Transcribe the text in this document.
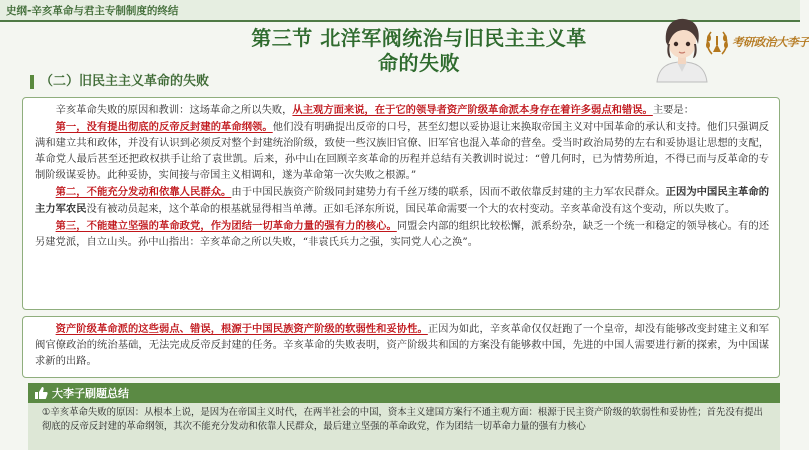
史纲-辛亥革命与君主专制制度的终结
第三节 北洋军阀统治与旧民主主义革
命的失败
考研政治大李子
（二）旧民主主义革命的失败

辛亥革命失败的原因和教训：这场革命之所以失败，从主观方面来说，在于它的领导者资产阶级革命派本身存在着许多弱点和错误。主要是：

第一，没有提出彻底的反帝反封建的革命纲领。他们没有明确提出反帝的口号，甚至幻想以妥协退让来换取帝国主义对中国革命的承认和支持。他们只强调反满和建立共和政体，并没有认识到必须反对整个封建统治阶级，致使一些汉族旧官僚、旧军官也混入革命的营垒。受当时政治局势的左右和妥协退让思想的支配，革命党人最后甚至还把政权拱手让给了袁世凯。后来，孙中山在回顾辛亥革命的历程并总结有关教训时说过：“曾几何时，已为情势所迫，不得已而与反革命的专制阶级谋妥协。此种妥协，实间接与帝国主义相调和，遂为革命第一次失败之根源。”

第二，不能充分发动和依靠人民群众。由于中国民族资产阶级同封建势力有千丝万缕的联系，因而不敢依靠反封建的主力军农民群众。正因为中国民主革命的主力军农民没有被动员起来，这个革命的根基就显得相当单薄。正如毛泽东所说，国民革命需要一个大的农村变动。辛亥革命没有这个变动，所以失败了。

第三，不能建立坚强的革命政党，作为团结一切革命力量的强有力的核心。同盟会内部的组织比较松懈，派系纷杂，缺乏一个统一和稳定的领导核心。有的还另建党派，自立山头。孙中山指出：辛亥革命之所以失败，“非袁氏兵力之强，实同党人心之涣”。

资产阶级革命派的这些弱点、错误，根源于中国民族资产阶级的软弱性和妥协性。正因为如此，辛亥革命仅仅赶跑了一个皇帝，却没有能够改变封建主义和军阀官僚政治的统治基础，无法完成反帝反封建的任务。辛亥革命的失败表明，资产阶级共和国的方案没有能够救中国，先进的中国人需要进行新的探索，为中国谋求新的出路。

大李子刷题总结
①辛亥革命失败的原因：从根本上说，是因为在帝国主义时代，在两半社会的中国，资本主义建国方案行不通主观方面：根源于民主资产阶级的软弱性和妥协性；首先没有提出彻底的反帝反封建的革命纲领，其次不能充分发动和依靠人民群众，最后建立坚强的革命政党，作为团结一切革命力量的强有力核心
